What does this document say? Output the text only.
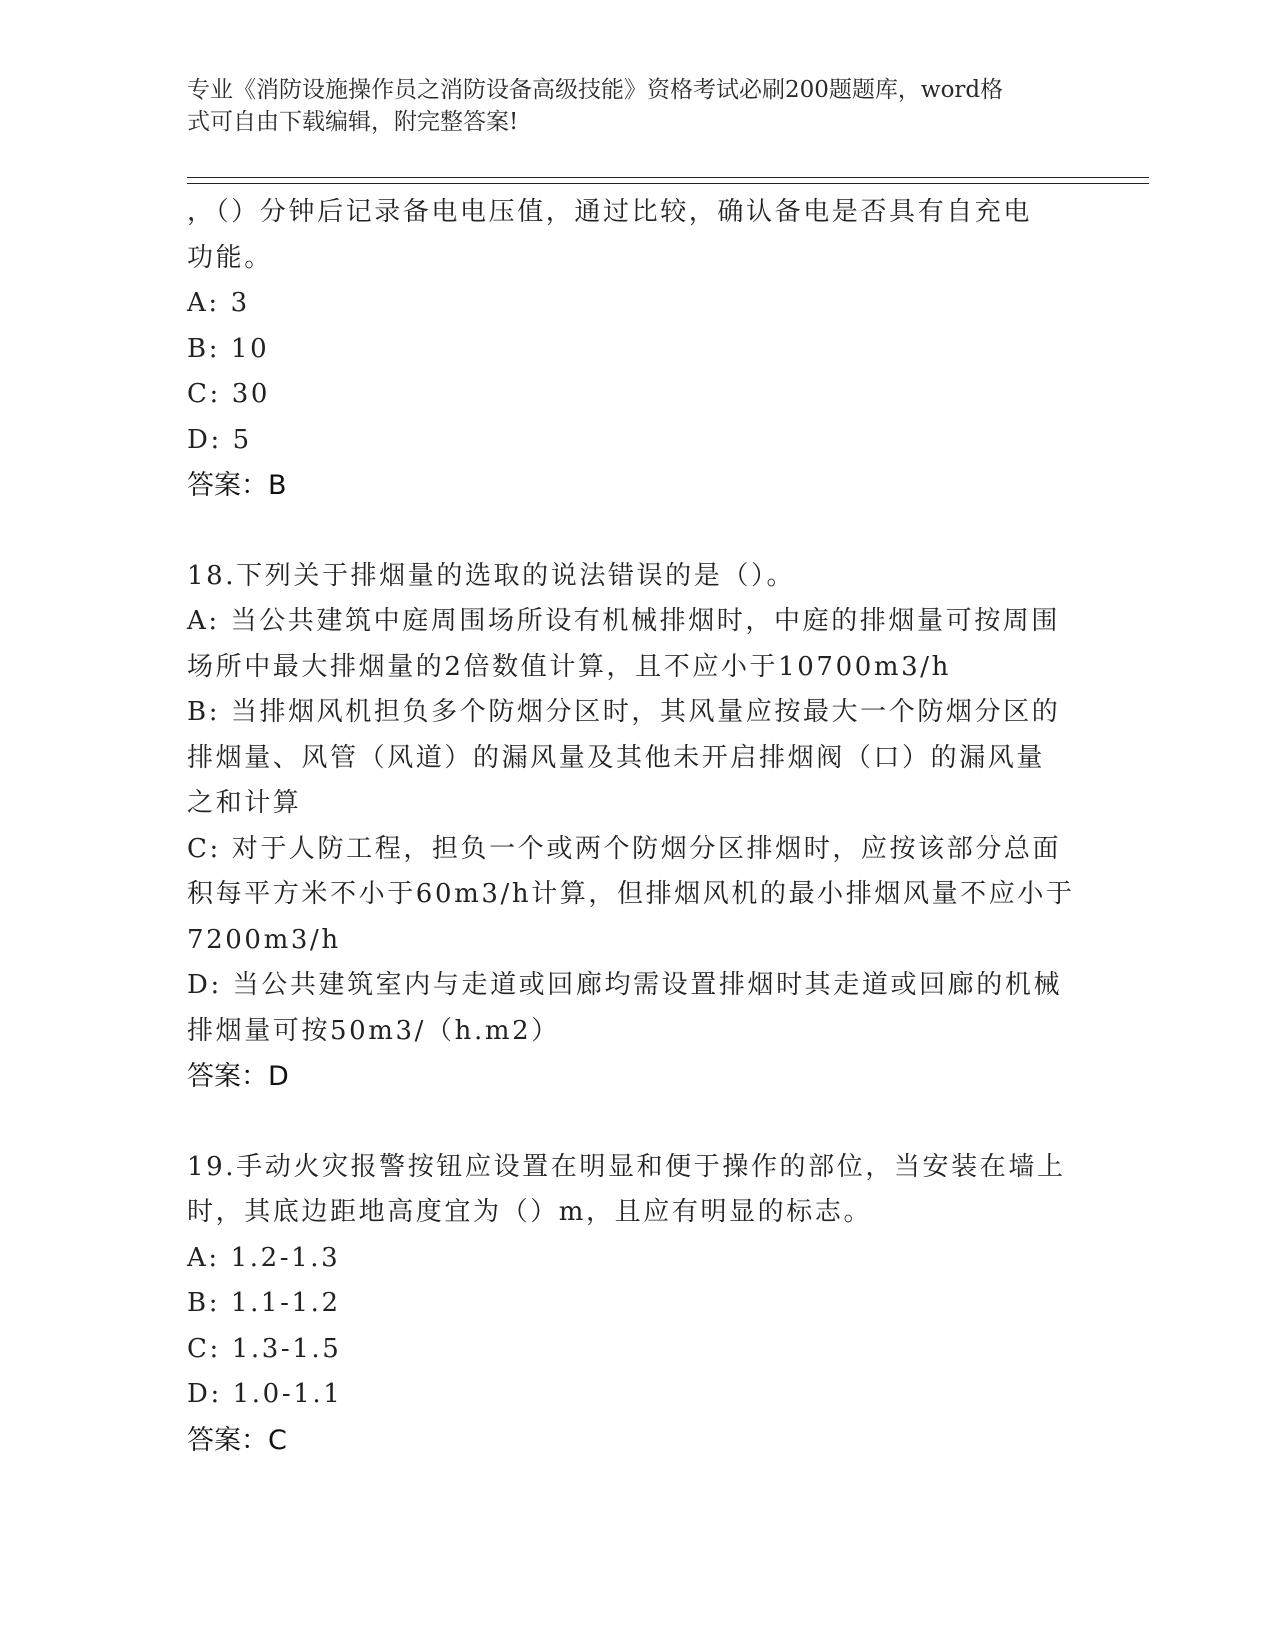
专业《消防设施操作员之消防设备高级技能》资格考试必刷200题题库，word格
式可自由下载编辑，附完整答案!
，（）分钟后记录备电电压值，通过比较，确认备电是否具有自充电
功能。
A: 3
B: 10
C: 30
D: 5
答案：B
18.下列关于排烟量的选取的说法错误的是（）。
A: 当公共建筑中庭周围场所设有机械排烟时，中庭的排烟量可按周围
场所中最大排烟量的2倍数值计算，且不应小于10700m3/h
B: 当排烟风机担负多个防烟分区时，其风量应按最大一个防烟分区的
排烟量、风管（风道）的漏风量及其他未开启排烟阀（口）的漏风量
之和计算
C: 对于人防工程，担负一个或两个防烟分区排烟时，应按该部分总面
积每平方米不小于60m3/h计算，但排烟风机的最小排烟风量不应小于
7200m3/h
D: 当公共建筑室内与走道或回廊均需设置排烟时其走道或回廊的机械
排烟量可按50m3/（h.m2）
答案：D
19.手动火灾报警按钮应设置在明显和便于操作的部位，当安装在墙上
时，其底边距地高度宜为（）m，且应有明显的标志。
A: 1.2-1.3
B: 1.1-1.2
C: 1.3-1.5
D: 1.0-1.1
答案：C
